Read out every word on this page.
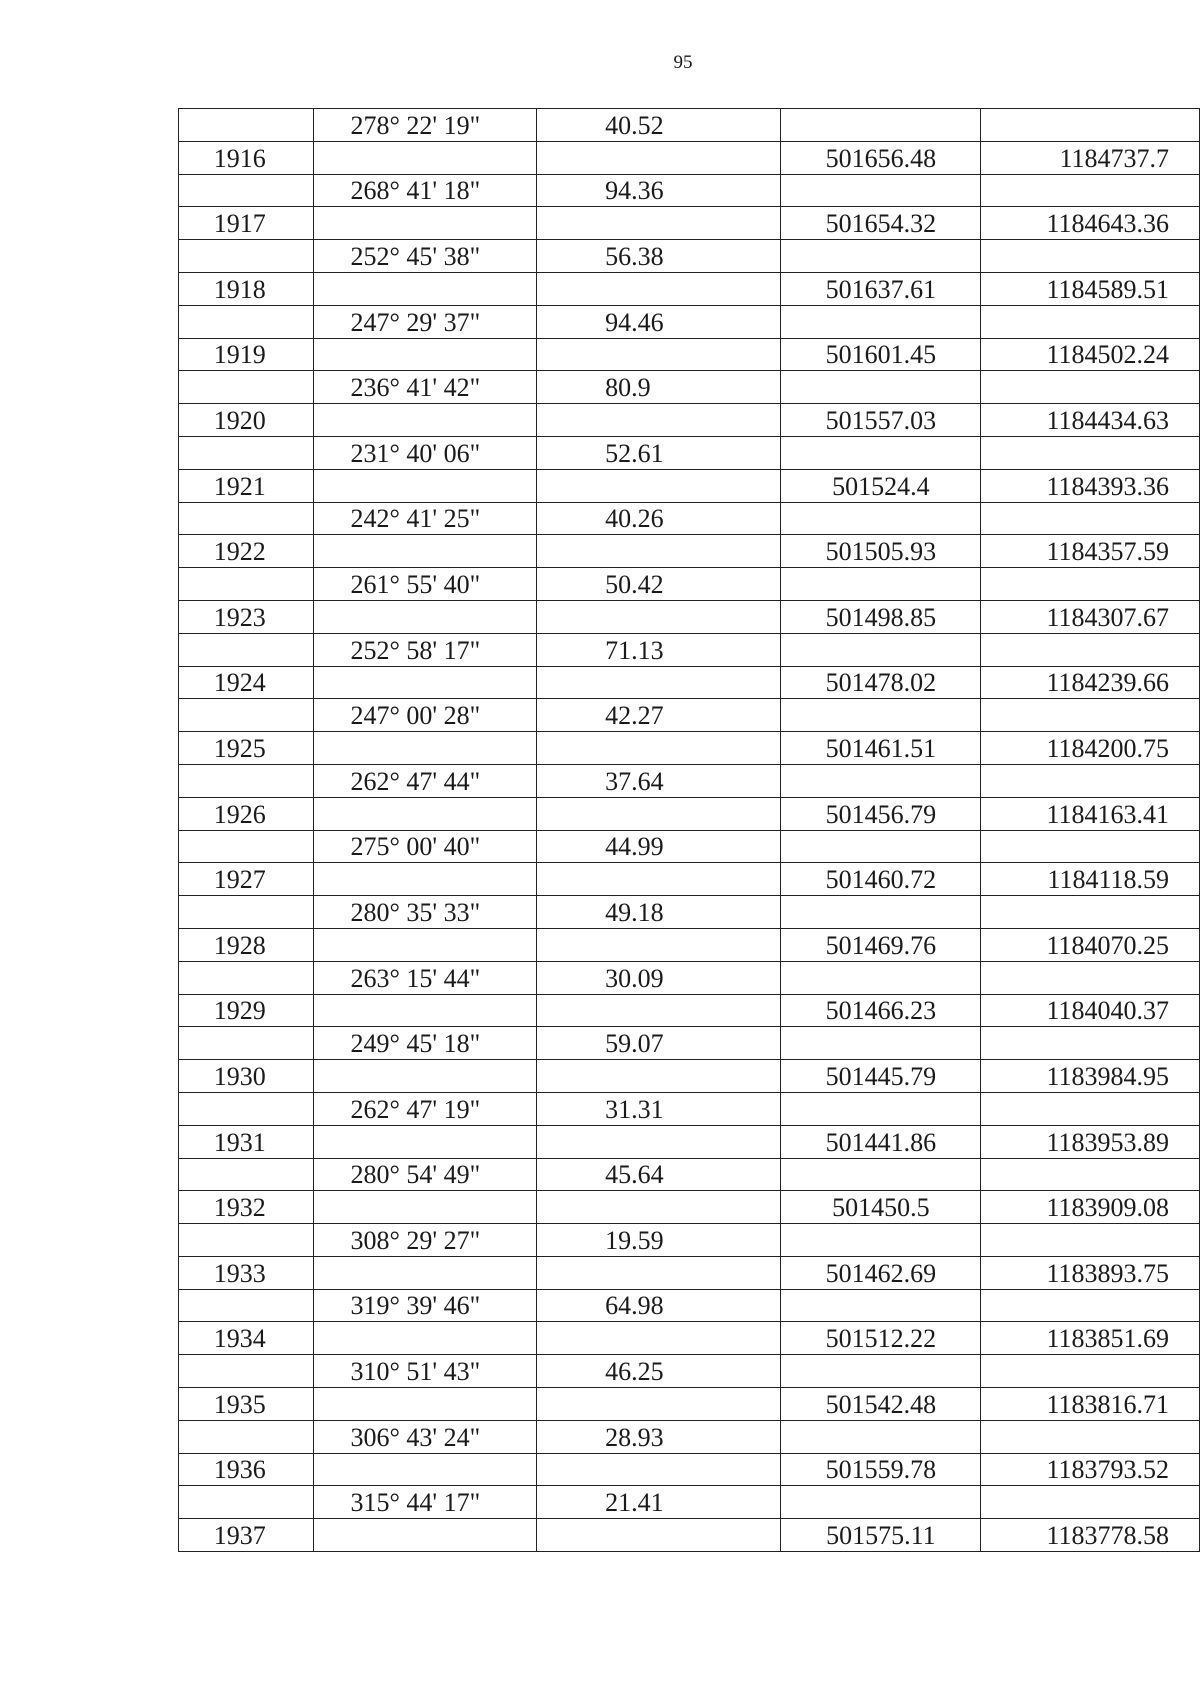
95
	278° 22' 19"	40.52		
1916			501656.48	1184737.7
	268° 41' 18"	94.36		
1917			501654.32	1184643.36
	252° 45' 38"	56.38		
1918			501637.61	1184589.51
	247° 29' 37"	94.46		
1919			501601.45	1184502.24
	236° 41' 42"	80.9		
1920			501557.03	1184434.63
	231° 40' 06"	52.61		
1921			501524.4	1184393.36
	242° 41' 25"	40.26		
1922			501505.93	1184357.59
	261° 55' 40"	50.42		
1923			501498.85	1184307.67
	252° 58' 17"	71.13		
1924			501478.02	1184239.66
	247° 00' 28"	42.27		
1925			501461.51	1184200.75
	262° 47' 44"	37.64		
1926			501456.79	1184163.41
	275° 00' 40"	44.99		
1927			501460.72	1184118.59
	280° 35' 33"	49.18		
1928			501469.76	1184070.25
	263° 15' 44"	30.09		
1929			501466.23	1184040.37
	249° 45' 18"	59.07		
1930			501445.79	1183984.95
	262° 47' 19"	31.31		
1931			501441.86	1183953.89
	280° 54' 49"	45.64		
1932			501450.5	1183909.08
	308° 29' 27"	19.59		
1933			501462.69	1183893.75
	319° 39' 46"	64.98		
1934			501512.22	1183851.69
	310° 51' 43"	46.25		
1935			501542.48	1183816.71
	306° 43' 24"	28.93		
1936			501559.78	1183793.52
	315° 44' 17"	21.41		
1937			501575.11	1183778.58
